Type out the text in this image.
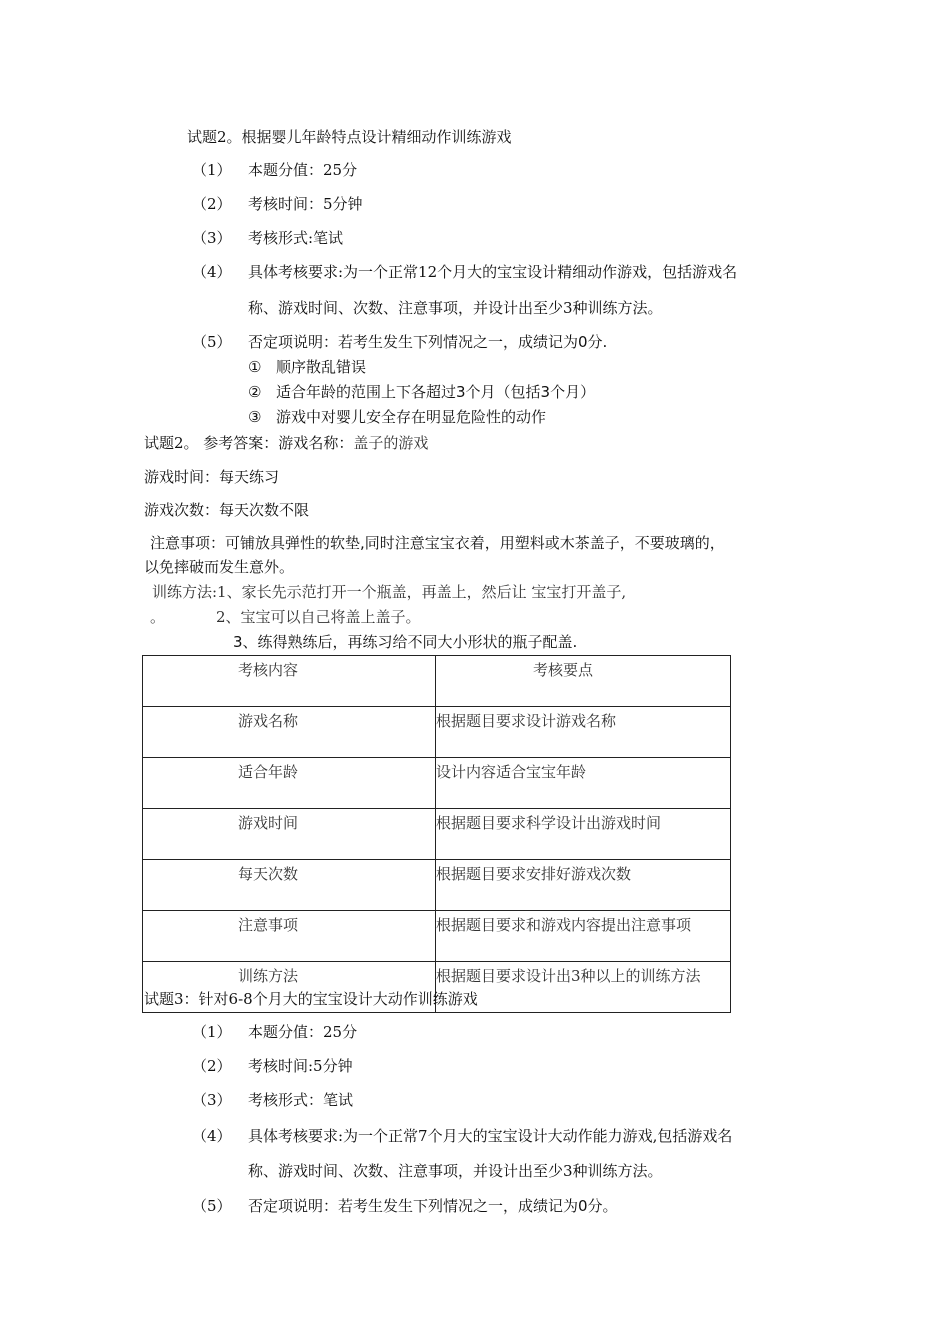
试题2。根据婴儿年龄特点设计精细动作训练游戏
（1） 本题分值：25分
（2） 考核时间：5分钟
（3） 考核形式:笔试
（4） 具体考核要求:为一个正常12个月大的宝宝设计精细动作游戏，包括游戏名
称、游戏时间、次数、注意事项，并设计出至少3种训练方法。
（5） 否定项说明：若考生发生下列情况之一，成绩记为0分.
① 顺序散乱错误
② 适合年龄的范围上下各超过3个月（包括3个月）
③ 游戏中对婴儿安全存在明显危险性的动作
试题2。 参考答案：游戏名称：盖子的游戏
游戏时间：每天练习
游戏次数：每天次数不限
注意事项：可铺放具弹性的软垫,同时注意宝宝衣着，用塑料或木茶盖子，不要玻璃的，
以免摔破而发生意外。
训练方法:1、家长先示范打开一个瓶盖，再盖上，然后让 宝宝打开盖子,
。	2、宝宝可以自己将盖上盖子。
3、练得熟练后，再练习给不同大小形状的瓶子配盖.
考核内容	考核要点
游戏名称	根据题目要求设计游戏名称
适合年龄	设计内容适合宝宝年龄
游戏时间	根据题目要求科学设计出游戏时间
每天次数	根据题目要求安排好游戏次数
注意事项	根据题目要求和游戏内容提出注意事项
训练方法	根据题目要求设计出3种以上的训练方法
试题3：针对6-8个月大的宝宝设计大动作训练游戏
（1） 本题分值：25分
（2） 考核时间:5分钟
（3） 考核形式：笔试
（4） 具体考核要求:为一个正常7个月大的宝宝设计大动作能力游戏,包括游戏名
称、游戏时间、次数、注意事项，并设计出至少3种训练方法。
（5） 否定项说明：若考生发生下列情况之一，成绩记为0分。
